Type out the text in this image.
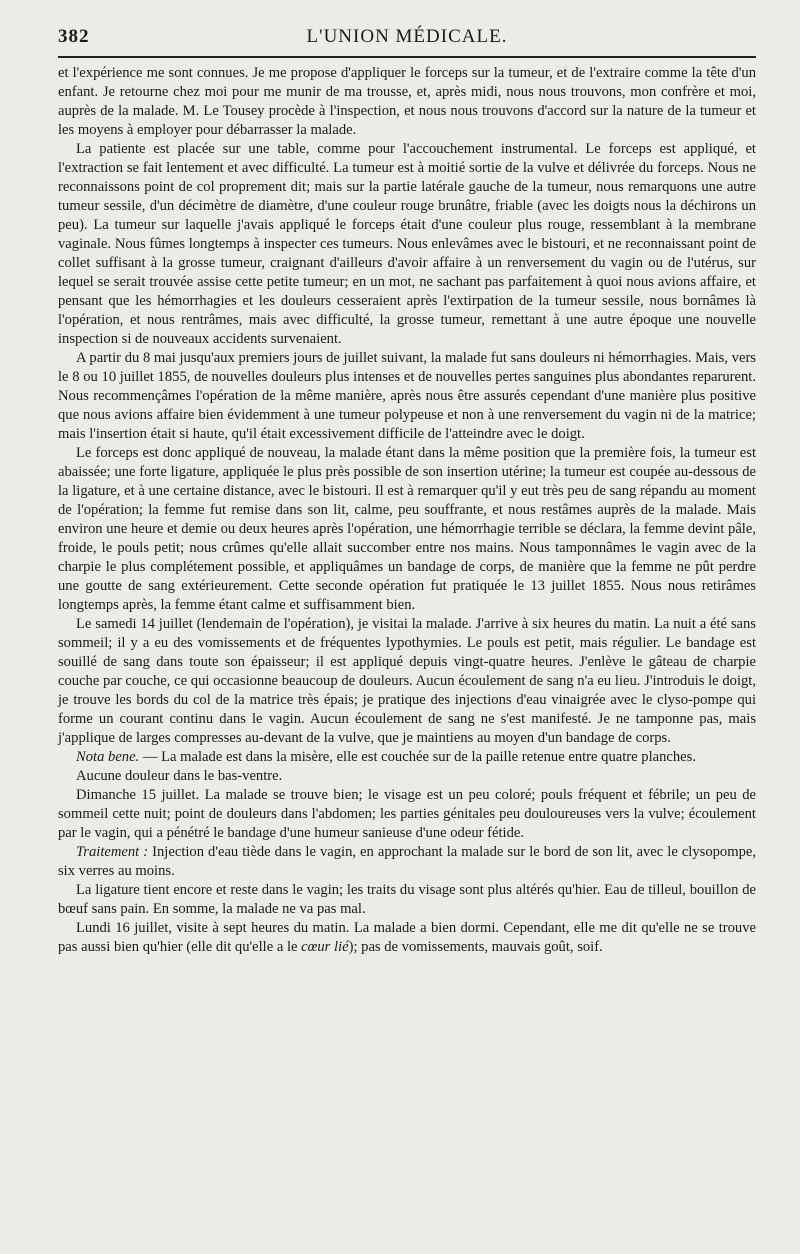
382	L'UNION MÉDICALE.

et l'expérience me sont connues. Je me propose d'appliquer le forceps sur la tumeur, et de l'extraire comme la tête d'un enfant. Je retourne chez moi pour me munir de ma trousse, et, après midi, nous nous trouvons, mon confrère et moi, auprès de la malade. M. Le Tousey procède à l'inspection, et nous nous trouvons d'accord sur la nature de la tumeur et les moyens à employer pour débarrasser la malade.

La patiente est placée sur une table, comme pour l'accouchement instrumental. Le forceps est appliqué, et l'extraction se fait lentement et avec difficulté. La tumeur est à moitié sortie de la vulve et délivrée du forceps. Nous ne reconnaissons point de col proprement dit; mais sur la partie latérale gauche de la tumeur, nous remarquons une autre tumeur sessile, d'un décimètre de diamètre, d'une couleur rouge brunâtre, friable (avec les doigts nous la déchirons un peu). La tumeur sur laquelle j'avais appliqué le forceps était d'une couleur plus rouge, ressemblant à la membrane vaginale. Nous fûmes longtemps à inspecter ces tumeurs. Nous enlevâmes avec le bistouri, et ne reconnaissant point de collet suffisant à la grosse tumeur, craignant d'ailleurs d'avoir affaire à un renversement du vagin ou de l'utérus, sur lequel se serait trouvée assise cette petite tumeur; en un mot, ne sachant pas parfaitement à quoi nous avions affaire, et pensant que les hémorrhagies et les douleurs cesseraient après l'extirpation de la tumeur sessile, nous bornâmes là l'opération, et nous rentrâmes, mais avec difficulté, la grosse tumeur, remettant à une autre époque une nouvelle inspection si de nouveaux accidents survenaient.

A partir du 8 mai jusqu'aux premiers jours de juillet suivant, la malade fut sans douleurs ni hémorrhagies. Mais, vers le 8 ou 10 juillet 1855, de nouvelles douleurs plus intenses et de nouvelles pertes sanguines plus abondantes reparurent. Nous recommençâmes l'opération de la même manière, après nous être assurés cependant d'une manière plus positive que nous avions affaire bien évidemment à une tumeur polypeuse et non à une renversement du vagin ni de la matrice; mais l'insertion était si haute, qu'il était excessivement difficile de l'atteindre avec le doigt.

Le forceps est donc appliqué de nouveau, la malade étant dans la même position que la première fois, la tumeur est abaissée; une forte ligature, appliquée le plus près possible de son insertion utérine; la tumeur est coupée au-dessous de la ligature, et à une certaine distance, avec le bistouri. Il est à remarquer qu'il y eut très peu de sang répandu au moment de l'opération; la femme fut remise dans son lit, calme, peu souffrante, et nous restâmes auprès de la malade. Mais environ une heure et demie ou deux heures après l'opération, une hémorrhagie terrible se déclara, la femme devint pâle, froide, le pouls petit; nous crûmes qu'elle allait succomber entre nos mains. Nous tamponnâmes le vagin avec de la charpie le plus complétement possible, et appliquâmes un bandage de corps, de manière que la femme ne pût perdre une goutte de sang extérieurement. Cette seconde opération fut pratiquée le 13 juillet 1855. Nous nous retirâmes longtemps après, la femme étant calme et suffisamment bien.

Le samedi 14 juillet (lendemain de l'opération), je visitai la malade. J'arrive à six heures du matin. La nuit a été sans sommeil; il y a eu des vomissements et de fréquentes lypothymies. Le pouls est petit, mais régulier. Le bandage est souillé de sang dans toute son épaisseur; il est appliqué depuis vingt-quatre heures. J'enlève le gâteau de charpie couche par couche, ce qui occasionne beaucoup de douleurs. Aucun écoulement de sang n'a eu lieu. J'introduis le doigt, je trouve les bords du col de la matrice très épais; je pratique des injections d'eau vinaigrée avec le clyso-pompe qui forme un courant continu dans le vagin. Aucun écoulement de sang ne s'est manifesté. Je ne tamponne pas, mais j'applique de larges compresses au-devant de la vulve, que je maintiens au moyen d'un bandage de corps.

Nota bene. — La malade est dans la misère, elle est couchée sur de la paille retenue entre quatre planches.

Aucune douleur dans le bas-ventre.

Dimanche 15 juillet. La malade se trouve bien; le visage est un peu coloré; pouls fréquent et fébrile; un peu de sommeil cette nuit; point de douleurs dans l'abdomen; les parties génitales peu douloureuses vers la vulve; écoulement par le vagin, qui a pénétré le bandage d'une humeur sanieuse d'une odeur fétide.

Traitement : Injection d'eau tiède dans le vagin, en approchant la malade sur le bord de son lit, avec le clysopompe, six verres au moins.

La ligature tient encore et reste dans le vagin; les traits du visage sont plus altérés qu'hier. Eau de tilleul, bouillon de bœuf sans pain. En somme, la malade ne va pas mal.

Lundi 16 juillet, visite à sept heures du matin. La malade a bien dormi. Cependant, elle me dit qu'elle ne se trouve pas aussi bien qu'hier (elle dit qu'elle a le cœur lié); pas de vomissements, mauvais goût, soif.
